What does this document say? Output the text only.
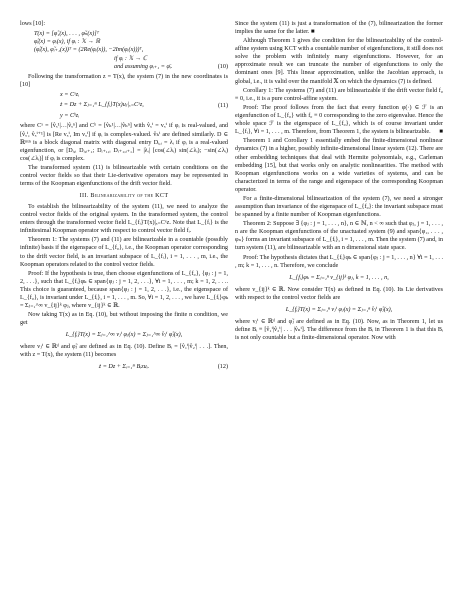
lows [10]:

T(x) = [φ̃₁(x), . . . , φ̃ₙ(x)]ᵀ
φ̃ᵢ(x) = φᵢ(x), if φᵢ : 𝕏 → ℝ
(φ̃ᵢ(x), φ̃ᵢ₊₁(x))ᵀ = (2Re(φᵢ(x)), −2Im(φᵢ(x)))ᵀ,
if φᵢ : 𝕏 → ℂ
and assuming φᵢ₊₁ = φ̄ᵢ.	(10)

Following the transformation z = T(x), the system (7) in the new coordinates is [10]

x = Cˣzᵢ
ż = Dz + Σⱼ₌₁ᵐ L_{fᵢ}T(x)uⱼ|ₓ₌Cˣz,
y = Cʰzᵢ
(11)

where Cˣ = [v̂ₓ¹|…|v̂ₓⁿ] and Cʰ = [v̂ₕ¹|…|v̂ₕⁿ] with v̂ₓⁱ = vₓⁱ if φᵢ is real-valued, and [v̂ₓⁱ, v̂ₓⁱ⁺¹] is [Re vₓⁱ, Im vₓⁱ] if φᵢ is complex-valued. v̂ₕⁱ are defined similarly. D ∈ ℝⁿˣⁿ is a block diagonal matrix with diagonal entry Dᵢ,ᵢ = λᵢ if φᵢ is a real-valued eigenfunction, or [Dᵢ,ᵢ Dᵢ,ᵢ₊₁; Dᵢ₊₁,ᵢ Dᵢ₊₁,ᵢ₊₁] = |λᵢ| [cos(∠λᵢ) sin(∠λᵢ); −sin(∠λᵢ) cos(∠λᵢ)] if φᵢ is complex.

The transformed system (11) is bilinearizable with certain conditions on the control vector fields so that their Lie-derivative operators may be represented in terms of the Koopman eigenfunctions of the drift vector field.

III. Bilinearizability of the KCT

To establish the bilinearizability of the system (11), we need to analyze the control vector fields of the original system. In the transformed system, the control enters through the transformed vector field L_{fᵢ}T(x)|ₓ₌Cˣz. Note that L_{fᵢ} is the infinitesimal Koopman operator with respect to control vector field fᵢ.

Theorem 1: The systems (7) and (11) are bilinearizable in a countable (possibly infinite) basis if the eigenspace of L_{f₀}, i.e., the Koopman operator corresponding to the drift vector field, is an invariant subspace of L_{fᵢ}, i = 1, . . . , m, i.e., the Koopman operators related to the control vector fields.

Proof: If the hypothesis is true, then choose eigenfunctions of L_{f₀}, {φⱼ : j = 1, 2, . . .}, such that L_{fᵢ}φₖ ∈ span{φⱼ : j = 1, 2, . . .}, ∀i = 1, . . . , m; k = 1, 2, . . .. This choice is guaranteed, because span{φⱼ : j = 1, 2, . . .}, i.e., the eigenspace of L_{f₀}, is invariant under L_{fᵢ}, i = 1, . . . , m. So, ∀i = 1, 2, . . . , we have L_{fᵢ}φₖ = Σⱼ₌₁^∞ v_{ij}ᵏ φⱼ, where v_{ij}ᵏ ∈ ℝ.

Now taking T(x) as in Eq. (10), but without imposing the finite n condition, we get

L_{fᵢ}T(x) = Σⱼ₌₁^∞ vⱼⁱ φⱼ(x) = Σⱼ₌₁^∞ v̂ⱼⁱ φ̃ⱼ(x),

where vⱼⁱ ∈ ℝᵈ and φ̃ⱼ are defined as in Eq. (10). Define Bᵢ = [v̂₁ⁱ|v̂₂ⁱ| . . .]. Then, with z = T(x), the system (11) becomes

ż = Dz + Σᵢ₌₁ᵐ Bᵢzuᵢ.	(12)

Since the system (11) is just a transformation of the (7), bilinearization the former implies the same for the latter. ■

Although Theorem 1 gives the condition for the bilinearizability of the control-affine system using KCT with a countable number of eigenfunctions, it still does not solve the problem with infinitely many eigenfunctions. However, for an approximate result we can truncate the number of eigenfunctions to only the dominant ones [9]. This linear approximation, unlike the Jacobian approach, is global, i.e., it is valid over the manifold 𝕏 on which the dynamics (7) is defined.

Corollary 1: The systems (7) and (11) are bilinearizable if the drift vector field f₀ ≡ 0, i.e., it is a pure control-affine system.

Proof: The proof follows from the fact that every function φ(·) ∈ ℱ is an eigenfunction of L_{f₀} with f₀ ≡ 0 corresponding to the zero eigenvalue. Hence the whole space ℱ is the eigenspace of L_{f₀}, which is of course invariant under L_{fᵢ}, ∀i = 1, . . . , m. Therefore, from Theorem 1, the system is bilinearizable.	■

Theorem 1 and Corollary 1 essentially embed the finite-dimensional nonlinear dynamics (7) in a higher, possibly infinite-dimensional linear system (12). There are other embedding techniques that deal with Hermite polynomials, e.g., Carleman embedding [15], but that works only on analytic nonlinearities. The method with Koopman eigenfunctions works on a wide varieties of systems, and can be characterized in terms of the range and eigenspace of the corresponding Koopman operator.

For a finite-dimensional bilinearization of the system (7), we need a stronger assumption than invariance of the eigenspace of L_{f₀}: the invariant subspace must be spanned by a finite number of Koopman eigenfunctions.

Theorem 2: Suppose ∃ {φⱼ : j = 1, . . . , n}, n ∈ ℕ, n < ∞ such that φⱼ, j = 1, . . . , n are the Koopman eigenfunctions of the unactuated system (9) and span{φ₁, . . . , φₙ} forms an invariant subspace of L_{fᵢ}, i = 1, . . . , m. Then the system (7) and, in turn system (11), are bilinearizable with an n dimensional state space.

Proof: The hypothesis dictates that L_{fᵢ}φₖ ∈ span{φⱼ : j = 1, . . . , n} ∀i = 1, . . . , m; k = 1, . . . , n. Therefore, we conclude

L_{fᵢ}φₖ = Σⱼ₌₁ⁿ v_{ij}ᵏ φⱼ, k = 1, . . . , n,

where v_{ij}ᵏ ∈ ℝ. Now consider T(x) as defined in Eq. (10). Its Lie derivatives with respect to the control vector fields are

L_{fᵢ}T(x) = Σⱼ₌₁ⁿ vⱼⁱ φⱼ(x) = Σⱼ₌₁ⁿ v̂ⱼⁱ φ̃ⱼ(x),

where vⱼⁱ ∈ ℝᵈ and φ̃ⱼ are defined as in Eq. (10). Now, as in Theorem 1, let us define Bᵢ ≡ [v̂₁ⁱ|v̂₂ⁱ| . . . |v̂ₙⁱ]. The difference from the Bᵢ in Theorem 1 is that this Bᵢ is not only countable but a finite-dimensional operator. Now with
